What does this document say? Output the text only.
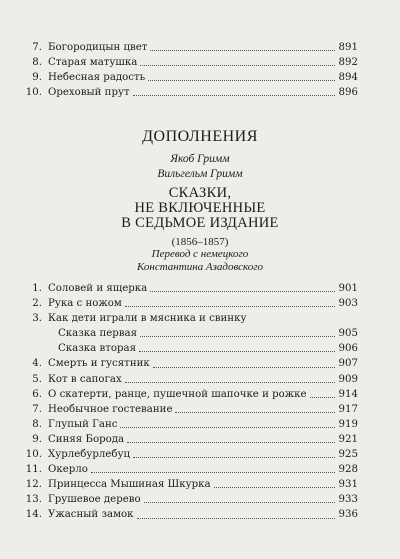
7. Богородицын цвет	891
8. Старая матушка	892
9. Небесная радость	894
10. Ореховый прут	896
ДОПОЛНЕНИЯ
Якоб Гримм
Вильгельм Гримм
СКАЗКИ,
НЕ ВКЛЮЧЕННЫЕ
В СЕДЬМОЕ ИЗДАНИЕ
(1856–1857)
Перевод с немецкого
Константина Азадовского
1. Соловей и ящерка	901
2. Рука с ножом	903
3. Как дети играли в мясника и свинку
Сказка первая	905
Сказка вторая	906
4. Смерть и гусятник	907
5. Кот в сапогах	909
6. О скатерти, ранце, пушечной шапочке и рожке	914
7. Необычное гостевание	917
8. Глупый Ганс	919
9. Синяя Борода	921
10. Хурлебурлебуц	925
11. Окерло	928
12. Принцесса Мышиная Шкурка	931
13. Грушевое дерево	933
14. Ужасный замок	936
